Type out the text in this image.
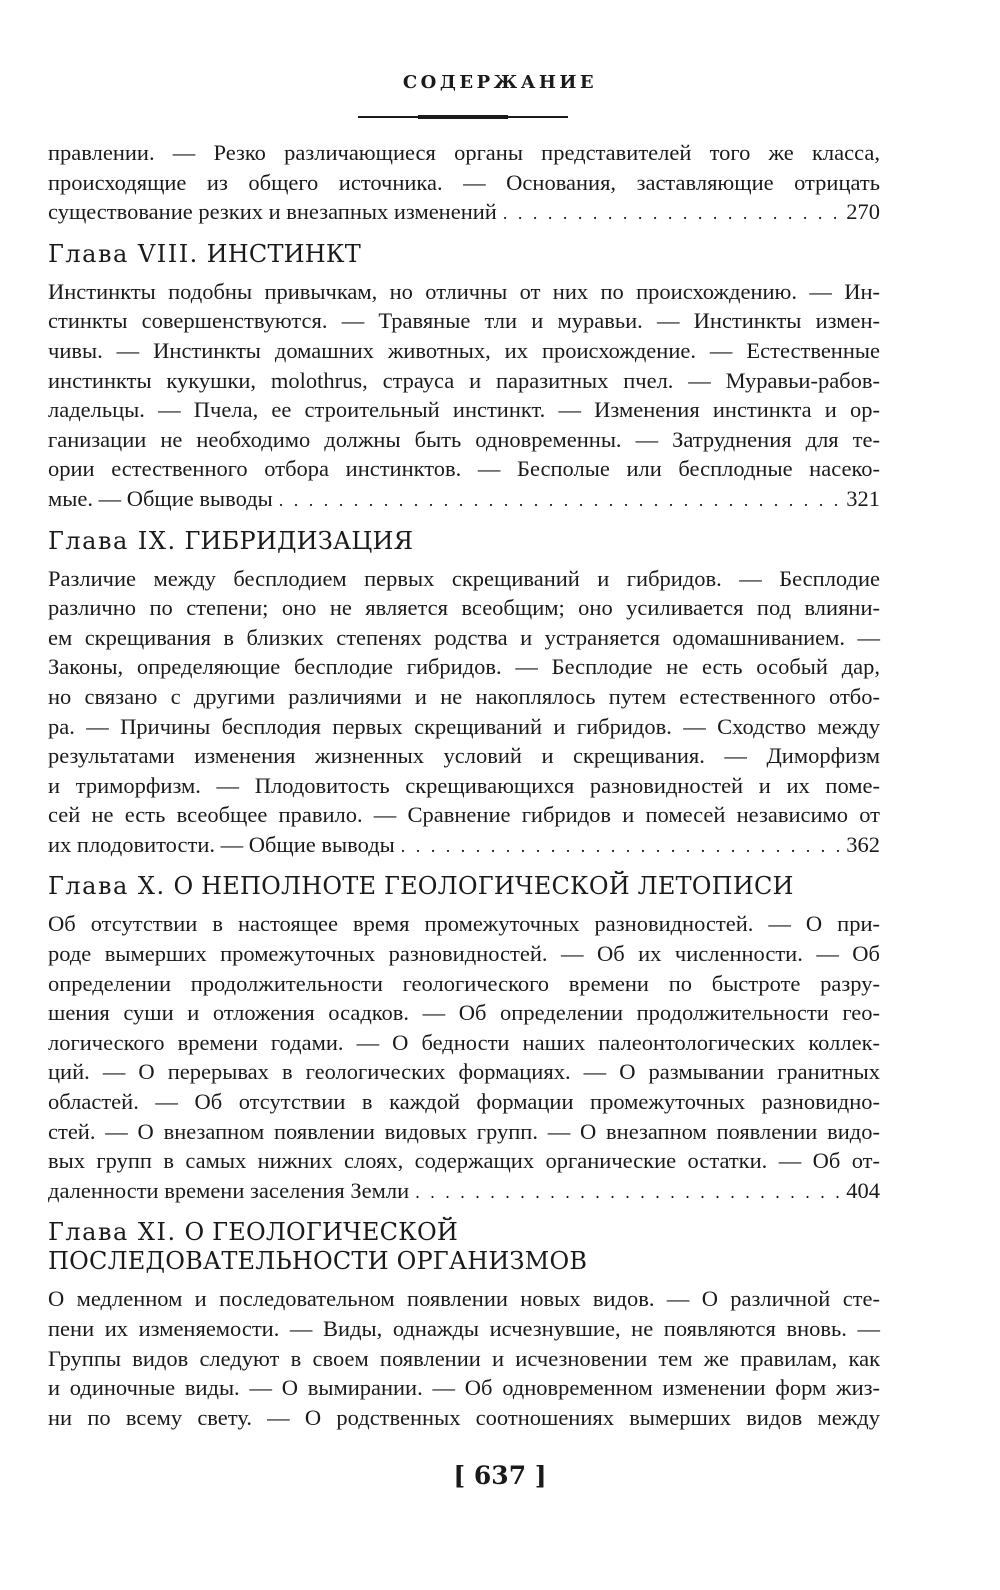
СОДЕРЖАНИЕ
правлении. — Резко различающиеся органы представителей того же класса,
происходящие из общего источника. — Основания, заставляющие отрицать
существование резких и внезапных изменений . . .	270
Глава VIII. ИНСТИНКТ
Инстинкты подобны привычкам, но отличны от них по происхождению. — Ин-
стинкты совершенствуются. — Травяные тли и муравьи. — Инстинкты измен-
чивы. — Инстинкты домашних животных, их происхождение. — Естественные
инстинкты кукушки, molothrus, страуса и паразитных пчел. — Муравьи-рабов-
ладельцы. — Пчела, ее строительный инстинкт. — Изменения инстинкта и ор-
ганизации не необходимо должны быть одновременны. — Затруднения для те-
ории естественного отбора инстинктов. — Бесполые или бесплодные насеко-
мые. — Общие выводы . . .	321
Глава IX. ГИБРИДИЗАЦИЯ
Различие между бесплодием первых скрещиваний и гибридов. — Бесплодие
различно по степени; оно не является всеобщим; оно усиливается под влияни-
ем скрещивания в близких степенях родства и устраняется одомашниванием. —
Законы, определяющие бесплодие гибридов. — Бесплодие не есть особый дар,
но связано с другими различиями и не накоплялось путем естественного отбо-
ра. — Причины бесплодия первых скрещиваний и гибридов. — Сходство между
результатами изменения жизненных условий и скрещивания. — Диморфизм
и триморфизм. — Плодовитость скрещивающихся разновидностей и их поме-
сей не есть всеобщее правило. — Сравнение гибридов и помесей независимо от
их плодовитости. — Общие выводы . . .	362
Глава X. О НЕПОЛНОТЕ ГЕОЛОГИЧЕСКОЙ ЛЕТОПИСИ
Об отсутствии в настоящее время промежуточных разновидностей. — О при-
роде вымерших промежуточных разновидностей. — Об их численности. — Об
определении продолжительности геологического времени по быстроте разру-
шения суши и отложения осадков. — Об определении продолжительности гео-
логического времени годами. — О бедности наших палеонтологических коллек-
ций. — О перерывах в геологических формациях. — О размывании гранитных
областей. — Об отсутствии в каждой формации промежуточных разновидно-
стей. — О внезапном появлении видовых групп. — О внезапном появлении видо-
вых групп в самых нижних слоях, содержащих органические остатки. — Об от-
даленности времени заселения Земли . . .	404
Глава XI. О ГЕОЛОГИЧЕСКОЙ
ПОСЛЕДОВАТЕЛЬНОСТИ ОРГАНИЗМОВ
О медленном и последовательном появлении новых видов. — О различной сте-
пени их изменяемости. — Виды, однажды исчезнувшие, не появляются вновь. —
Группы видов следуют в своем появлении и исчезновении тем же правилам, как
и одиночные виды. — О вымирании. — Об одновременном изменении форм жиз-
ни по всему свету. — О родственных соотношениях вымерших видов между
[ 637 ]
